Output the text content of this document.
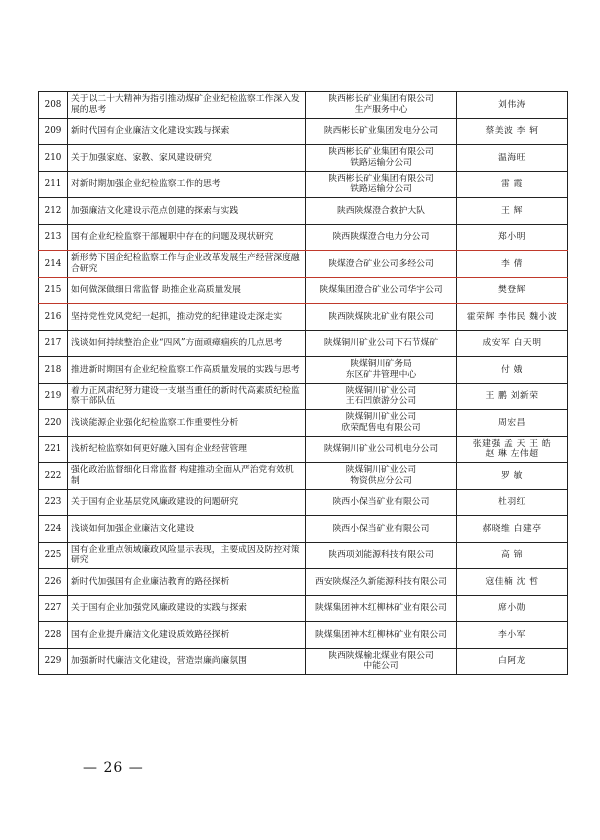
208	关于以二十大精神为指引推动煤矿企业纪检监察工作深入发展的思考	陕西彬长矿业集团有限公司
生产服务中心	刘伟涛

209	新时代国有企业廉洁文化建设实践与探索	陕西彬长矿业集团发电分公司	蔡美波 李 轲

210	关于加强家庭、家教、家风建设研究	陕西彬长矿业集团有限公司
铁路运输分公司	温海旺

211	对新时期加强企业纪检监察工作的思考	陕西彬长矿业集团有限公司
铁路运输分公司	雷 霞

212	加强廉洁文化建设示范点创建的探索与实践	陕西陕煤澄合救护大队	王 辉

213	国有企业纪检监察干部履职中存在的问题及现状研究	陕西陕煤澄合电力分公司	郑小明

214	新形势下国企纪检监察工作与企业改革发展生产经营深度融合研究	陕煤澄合矿业公司多经公司	李 倩

215	如何做深做细日常监督 助推企业高质量发展	陕煤集团澄合矿业公司华宇公司	樊登辉

216	坚持党性党风党纪一起抓，推动党的纪律建设走深走实	陕西陕煤陕北矿业有限公司	霍荣辉 李伟民 魏小波

217	浅谈如何持续整治企业“四风”方面顽瘴痼疾的几点思考	陕煤铜川矿业公司下石节煤矿	成安军 白天明

218	推进新时期国有企业纪检监察工作高质量发展的实践与思考	陕煤铜川矿务局
东区矿井管理中心	付 娥

219	着力正风肃纪努力建设一支堪当重任的新时代高素质纪检监察干部队伍	陕煤铜川矿业公司
王石凹旅游分公司	王 鹏 刘新荣

220	浅谈能源企业强化纪检监察工作重要性分析	陕煤铜川矿业公司
欣荣配售电有限公司	周宏昌

221	浅析纪检监察如何更好融入国有企业经营管理	陕煤铜川矿业公司机电分公司	张建强 孟 天 王 皓
赵 琳 左伟超

222	强化政治监督细化日常监督 构建推动全面从严治党有效机制	陕煤铜川矿业公司
物资供应分公司	罗 敏

223	关于国有企业基层党风廉政建设的问题研究	陕西小保当矿业有限公司	杜羽红

224	浅谈如何加强企业廉洁文化建设	陕西小保当矿业有限公司	郝晓维 白建亭

225	国有企业重点领域廉政风险显示表现，主要成因及防控对策研究	陕西项刘能源科技有限公司	高 锦

226	新时代加强国有企业廉洁教育的路径探析	西安陕煤泾久新能源科技有限公司	寇佳楠 沈 哲

227	关于国有企业加强党风廉政建设的实践与探索	陕煤集团神木红柳林矿业有限公司	席小勋

228	国有企业提升廉洁文化建设质效路径探析	陕煤集团神木红柳林矿业有限公司	李小军

229	加强新时代廉洁文化建设，营造崇廉尚廉氛围	陕西陕煤榆北煤业有限公司
中能公司	白阿龙
— 26 —
